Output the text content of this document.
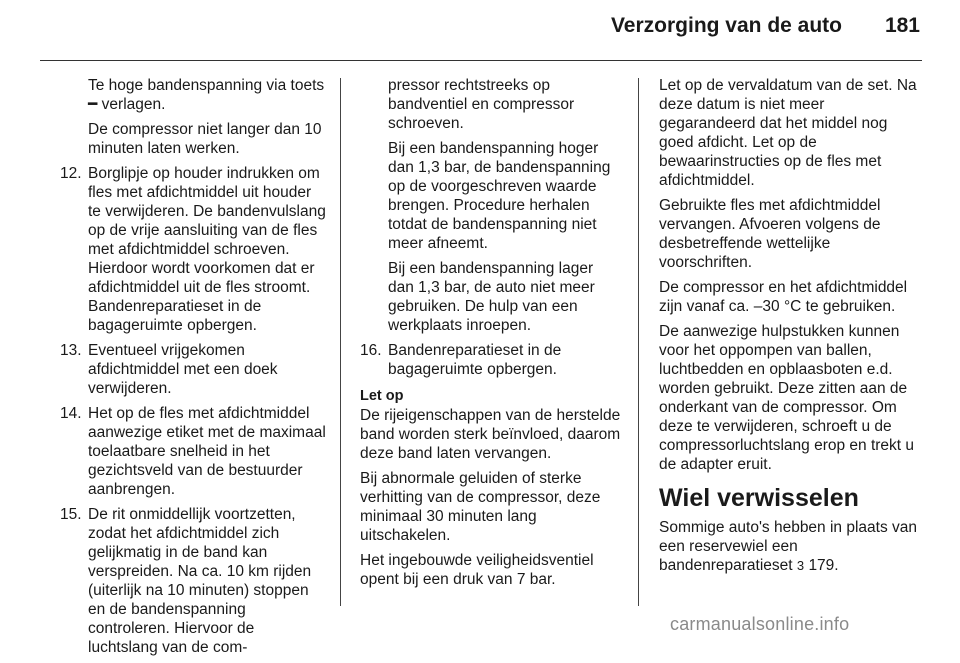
Verzorging van de auto	181

Te hoge bandenspanning via toets ━ verlagen.

De compressor niet langer dan 10 minuten laten werken.

12. Borglipje op houder indrukken om fles met afdichtmiddel uit houder te verwijderen. De bandenvulslang op de vrije aansluiting van de fles met afdichtmiddel schroeven. Hierdoor wordt voorkomen dat er afdichtmiddel uit de fles stroomt. Bandenreparatieset in de bagageruimte opbergen.
13. Eventueel vrijgekomen afdichtmiddel met een doek verwijderen.
14. Het op de fles met afdichtmiddel aanwezige etiket met de maximaal toelaatbare snelheid in het gezichtsveld van de bestuurder aanbrengen.
15. De rit onmiddellijk voortzetten, zodat het afdichtmiddel zich gelijkmatig in de band kan verspreiden. Na ca. 10 km rijden (uiterlijk na 10 minuten) stoppen en de bandenspanning controleren. Hiervoor de luchtslang van de com-

pressor rechtstreeks op bandventiel en compressor schroeven.

Bij een bandenspanning hoger dan 1,3 bar, de bandenspanning op de voorgeschreven waarde brengen. Procedure herhalen totdat de bandenspanning niet meer afneemt.

Bij een bandenspanning lager dan 1,3 bar, de auto niet meer gebruiken. De hulp van een werkplaats inroepen.

16. Bandenreparatieset in de bagageruimte opbergen.

Let op

De rijeigenschappen van de herstelde band worden sterk beïnvloed, daarom deze band laten vervangen.

Bij abnormale geluiden of sterke verhitting van de compressor, deze minimaal 30 minuten lang uitschakelen.

Het ingebouwde veiligheidsventiel opent bij een druk van 7 bar.

Let op de vervaldatum van de set. Na deze datum is niet meer gegarandeerd dat het middel nog goed afdicht. Let op de bewaarinstructies op de fles met afdichtmiddel.

Gebruikte fles met afdichtmiddel vervangen. Afvoeren volgens de desbetreffende wettelijke voorschriften.

De compressor en het afdichtmiddel zijn vanaf ca. –30 °C te gebruiken.

De aanwezige hulpstukken kunnen voor het oppompen van ballen, luchtbedden en opblaasboten e.d. worden gebruikt. Deze zitten aan de onderkant van de compressor. Om deze te verwijderen, schroeft u de compressorluchtslang erop en trekt u de adapter eruit.

Wiel verwisselen

Sommige auto's hebben in plaats van een reservewiel een bandenreparatieset 3 179.

carmanualsonline.info
